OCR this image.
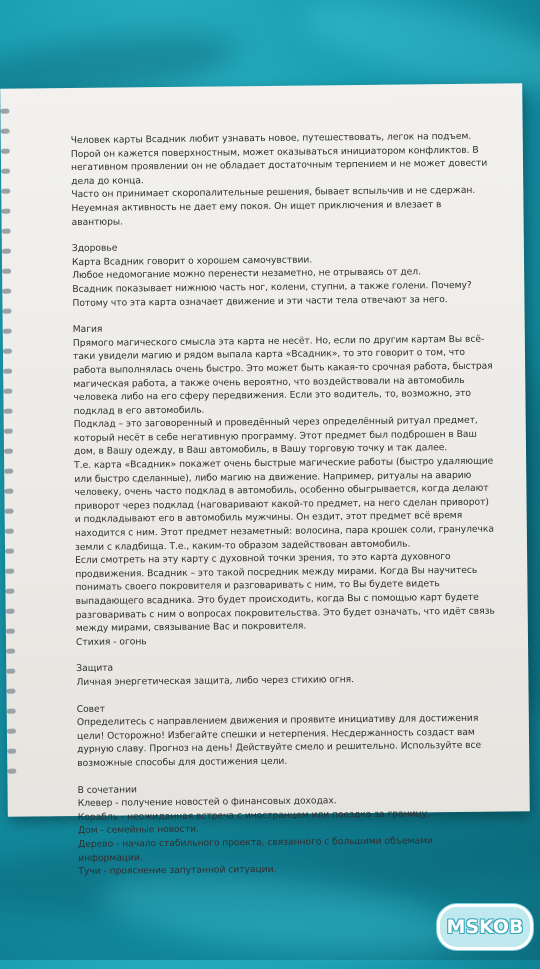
Человек карты Всадник любит узнавать новое, путешествовать, легок на подъем. Порой он кажется поверхностным, может оказываться инициатором конфликтов. В негативном проявлении он не обладает достаточным терпением и не может довести дела до конца.

Часто он принимает скоропалительные решения, бывает вспыльчив и не сдержан.

Неуемная активность не дает ему покоя. Он ищет приключения и влезает в авантюры.

Здоровье

Карта Всадник говорит о хорошем самочувствии.

Любое недомогание можно перенести незаметно, не отрываясь от дел.

Всадник показывает нижнюю часть ног, колени, ступни, а также голени. Почему? Потому что эта карта означает движение и эти части тела отвечают за него.

Магия

Прямого магического смысла эта карта не несёт. Но, если по другим картам Вы всё-таки увидели магию и рядом выпала карта «Всадник», то это говорит о том, что работа выполнялась очень быстро. Это может быть какая-то срочная работа, быстрая магическая работа, а также очень вероятно, что воздействовали на автомобиль человека либо на его сферу передвижения. Если это водитель, то, возможно, это подклад в его автомобиль.

Подклад – это заговоренный и проведённый через определённый ритуал предмет, который несёт в себе негативную программу. Этот предмет был подброшен в Ваш дом, в Вашу одежду, в Ваш автомобиль, в Вашу торговую точку и так далее.

Т.е. карта «Всадник» покажет очень быстрые магические работы (быстро удаляющие или быстро сделанные), либо магию на движение. Например, ритуалы на аварию человеку, очень часто подклад в автомобиль, особенно обыгрывается, когда делают приворот через подклад (наговаривают какой-то предмет, на него сделан приворот) и подкладывают его в автомобиль мужчины. Он ездит, этот предмет всё время находится с ним. Этот предмет незаметный: волосина, пара крошек соли, гранулечка земли с кладбища. Т.е., каким-то образом задействован автомобиль.

Если смотреть на эту карту с духовной точки зрения, то это карта духовного продвижения. Всадник – это такой посредник между мирами. Когда Вы научитесь понимать своего покровителя и разговаривать с ним, то Вы будете видеть выпадающего всадника. Это будет происходить, когда Вы с помощью карт будете разговаривать с ним о вопросах покровительства. Это будет означать, что идёт связь между мирами, связывание Вас и покровителя.

Стихия - огонь

Защита

Личная энергетическая защита, либо через стихию огня.

Совет

Определитесь с направлением движения и проявите инициативу для достижения цели! Осторожно! Избегайте спешки и нетерпения. Несдержанность создаст вам дурную славу. Прогноз на день! Действуйте смело и решительно. Используйте все возможные способы для достижения цели.

В сочетании

Клевер - получение новостей о финансовых доходах.

Корабль - неожиданная встреча с иностранцем или поездка за границу.

Дом - семейные новости.

Дерево - начало стабильного проекта, связанного с большими объемами информации.

Тучи - прояснение запутанной ситуации.

MSKOB
